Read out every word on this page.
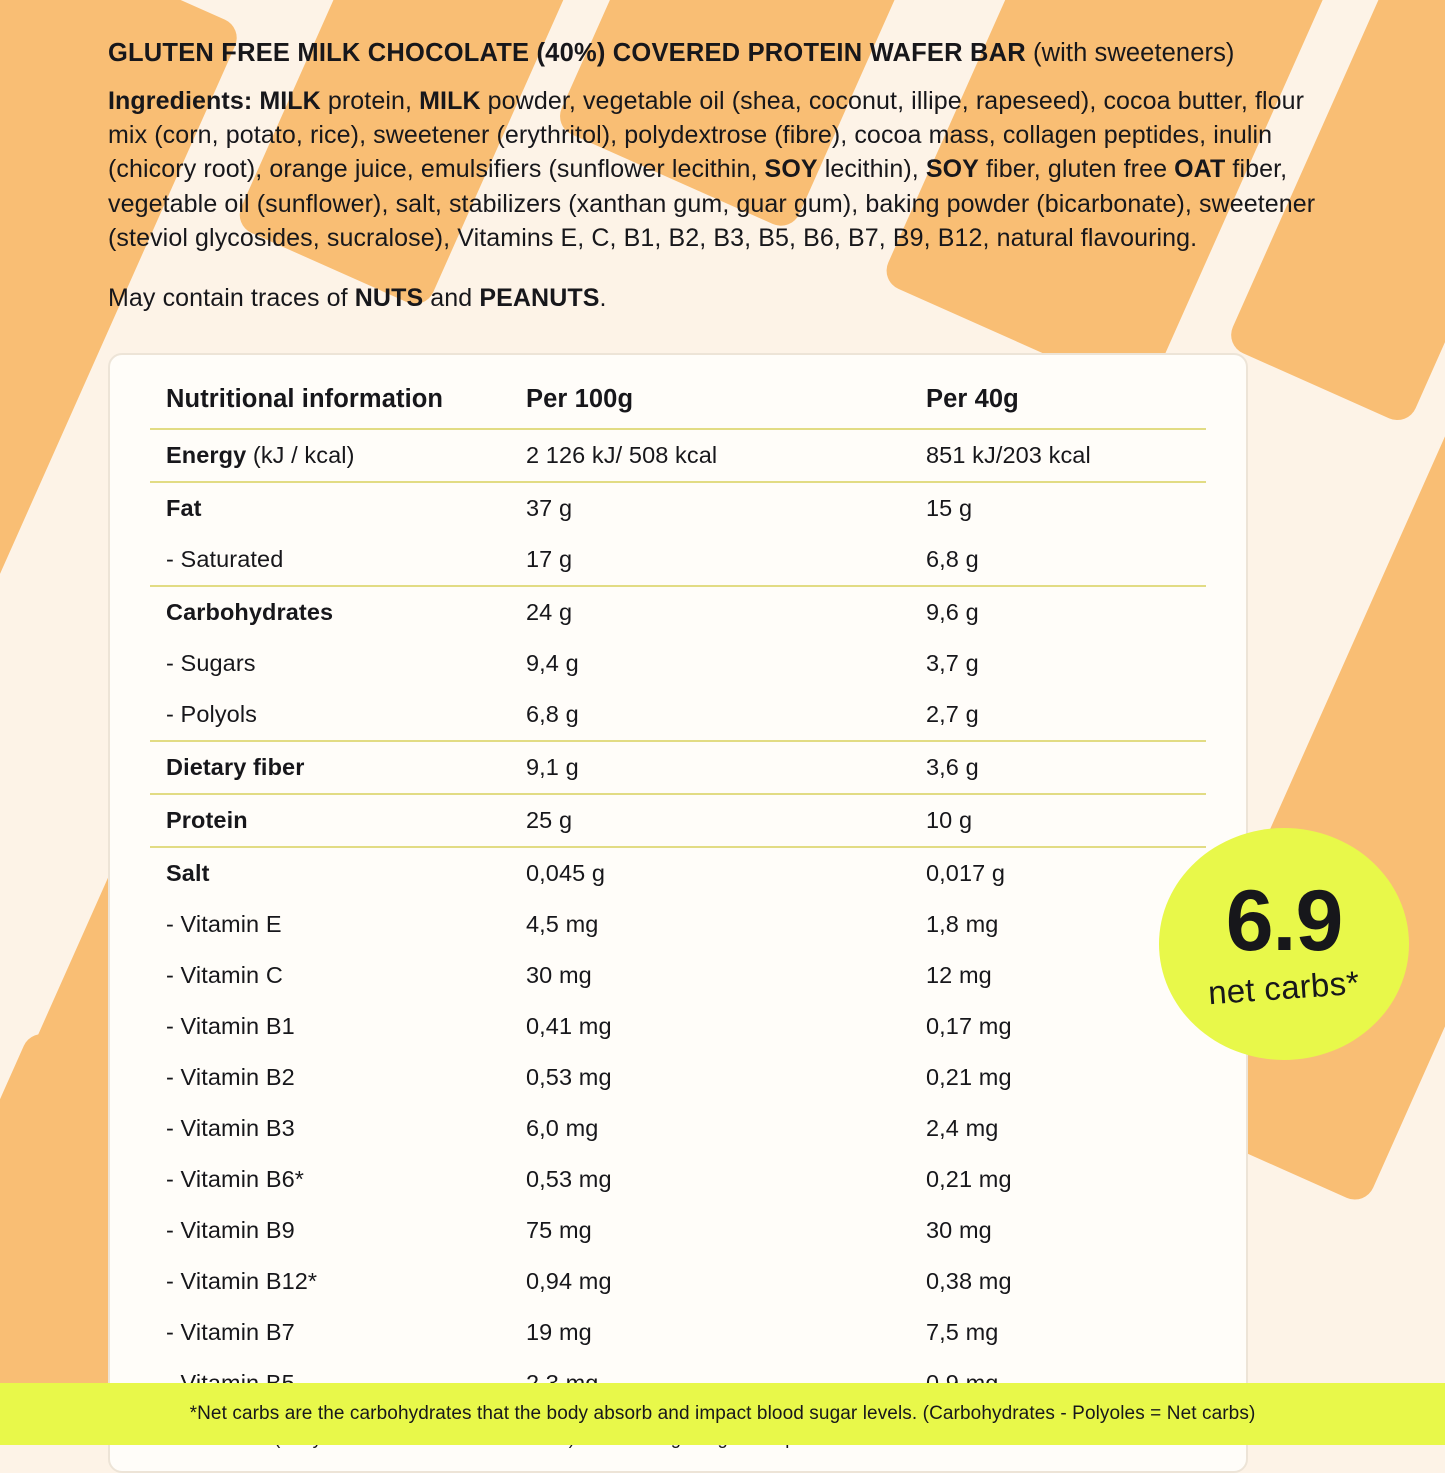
GLUTEN FREE MILK CHOCOLATE (40%) COVERED PROTEIN WAFER BAR (with sweeteners)
Ingredients: MILK protein, MILK powder, vegetable oil (shea, coconut, illipe, rapeseed), cocoa butter, flour mix (corn, potato, rice), sweetener (erythritol), polydextrose (fibre), cocoa mass, collagen peptides, inulin (chicory root), orange juice, emulsifiers (sunflower lecithin, SOY lecithin), SOY fiber, gluten free OAT fiber, vegetable oil (sunflower), salt, stabilizers (xanthan gum, guar gum), baking powder (bicarbonate), sweetener (steviol glycosides, sucralose), Vitamins E, C, B1, B2, B3, B5, B6, B7, B9, B12, natural flavouring.
May contain traces of NUTS and PEANUTS.
Nutritional information	Per 100g	Per 40g
Energy (kJ / kcal)	2 126 kJ/ 508 kcal	851 kJ/203 kcal
Fat	37 g	15 g
- Saturated	17 g	6,8 g
Carbohydrates	24 g	9,6 g
- Sugars	9,4 g	3,7 g
- Polyols	6,8 g	2,7 g
Dietary fiber	9,1 g	3,6 g
Protein	25 g	10 g
Salt	0,045 g	0,017 g
- Vitamin E	4,5 mg	1,8 mg
- Vitamin C	30 mg	12 mg
- Vitamin B1	0,41 mg	0,17 mg
- Vitamin B2	0,53 mg	0,21 mg
- Vitamin B3	6,0 mg	2,4 mg
- Vitamin B6*	0,53 mg	0,21 mg
- Vitamin B9	75 mg	30 mg
- Vitamin B12*	0,94 mg	0,38 mg
- Vitamin B7	19 mg	7,5 mg

6.9
net carbs*
*Net carbs are the carbohydrates that the body absorb and impact blood sugar levels. (Carbohydrates - Polyoles = Net carbs)
